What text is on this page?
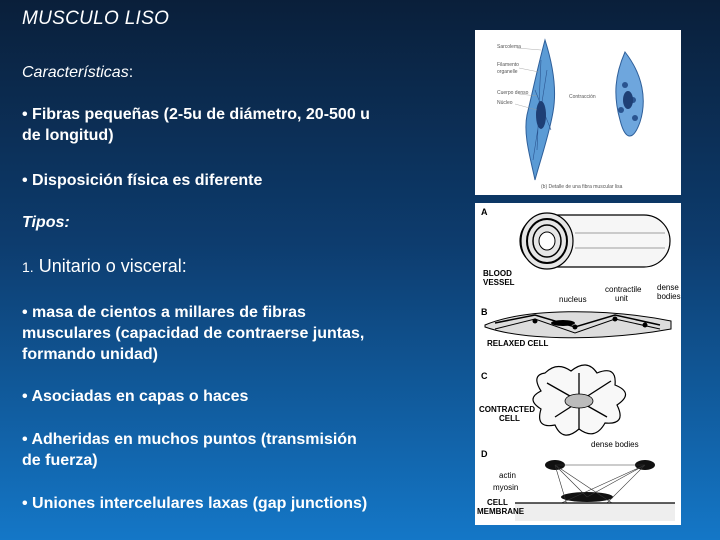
MUSCULO LISO
Características:
• Fibras pequeñas (2-5u de diámetro, 20-500 u
de longitud)
• Disposición física es diferente
Tipos:
1. Unitario o visceral:
• masa de cientos a millares de fibras
musculares (capacidad de contraerse juntas,
formando unidad)
• Asociadas en capas o haces
• Adheridas en muchos puntos (transmisión
de fuerza)
• Uniones intercelulares laxas (gap junctions)
Sarcolema
Filamento
organelle
Cuerpo denso
Núcleo
Contracción
(b) Detalle de una fibra muscular lisa
A
B
C
D
BLOOD
VESSEL
contractile
unit
dense
bodies
nucleus
RELAXED CELL
CONTRACTED
CELL
dense bodies
actin
myosin
CELL
MEMBRANE
